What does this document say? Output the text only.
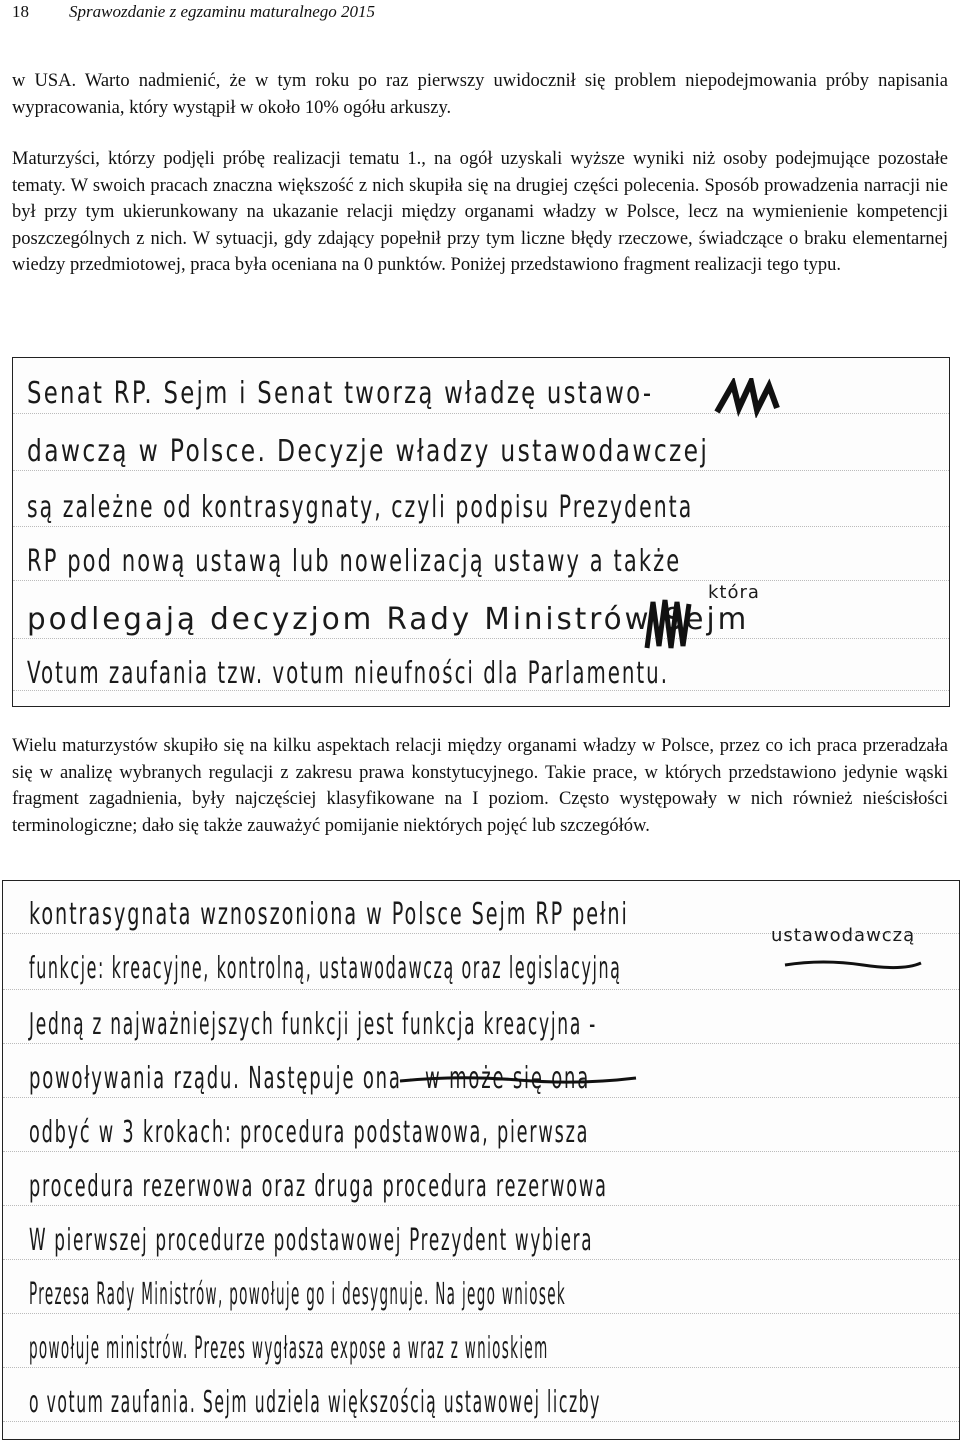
18 Sprawozdanie z egzaminu maturalnego 2015

w USA. Warto nadmienić, że w tym roku po raz pierwszy uwidocznił się problem niepodejmowania próby napisania wypracowania, który wystąpił w około 10% ogółu arkuszy.

Maturzyści, którzy podjęli próbę realizacji tematu 1., na ogół uzyskali wyższe wyniki niż osoby podejmujące pozostałe tematy. W swoich pracach znaczna większość z nich skupiła się na drugiej części polecenia. Sposób prowadzenia narracji nie był przy tym ukierunkowany na ukazanie relacji między organami władzy w Polsce, lecz na wymienienie kompetencji poszczególnych z nich. W sytuacji, gdy zdający popełnił przy tym liczne błędy rzeczowe, świadczące o braku elementarnej wiedzy przedmiotowej, praca była oceniana na 0 punktów. Poniżej przedstawiono fragment realizacji tego typu.

Senat RP. Sejm i Senat tworzą władzę ustawo-
dawczą w Polsce. Decyzje władzy ustawodawczej
są zależne od kontrasygnaty, czyli podpisu Prezydenta
RP pod nową ustawą lub nowelizacją ustawy a także
podlegają decyzjom Rady Ministrów Sejm
Votum zaufania tzw. votum nieufności dla Parlamentu.
która

Wielu maturzystów skupiło się na kilku aspektach relacji między organami władzy w Polsce, przez co ich praca przeradzała się w analizę wybranych regulacji z zakresu prawa konstytucyjnego. Takie prace, w których przedstawiono jedynie wąski fragment zagadnienia, były najczęściej klasyfikowane na I poziom. Często występowały w nich również nieścisłości terminologiczne; dało się także zauważyć pomijanie niektórych pojęć lub szczegółów.

kontrasygnata wznoszoniona w Polsce Sejm RP pełni
funkcje: kreacyjne, kontrolną, ustawodawczą oraz legislacyjną
Jedną z najważniejszych funkcji jest funkcja kreacyjna -
powoływania rządu. Następuje ona - w może się ona
odbyć w 3 krokach: procedura podstawowa, pierwsza
procedura rezerwowa oraz druga procedura rezerwowa
W pierwszej procedurze podstawowej Prezydent wybiera
Prezesa Rady Ministrów, powołuje go i desygnuje. Na jego wniosek
powołuje ministrów. Prezes wygłasza expose a wraz z wnioskiem
o votum zaufania. Sejm udziela większością ustawowej liczby
ustawodawczą
